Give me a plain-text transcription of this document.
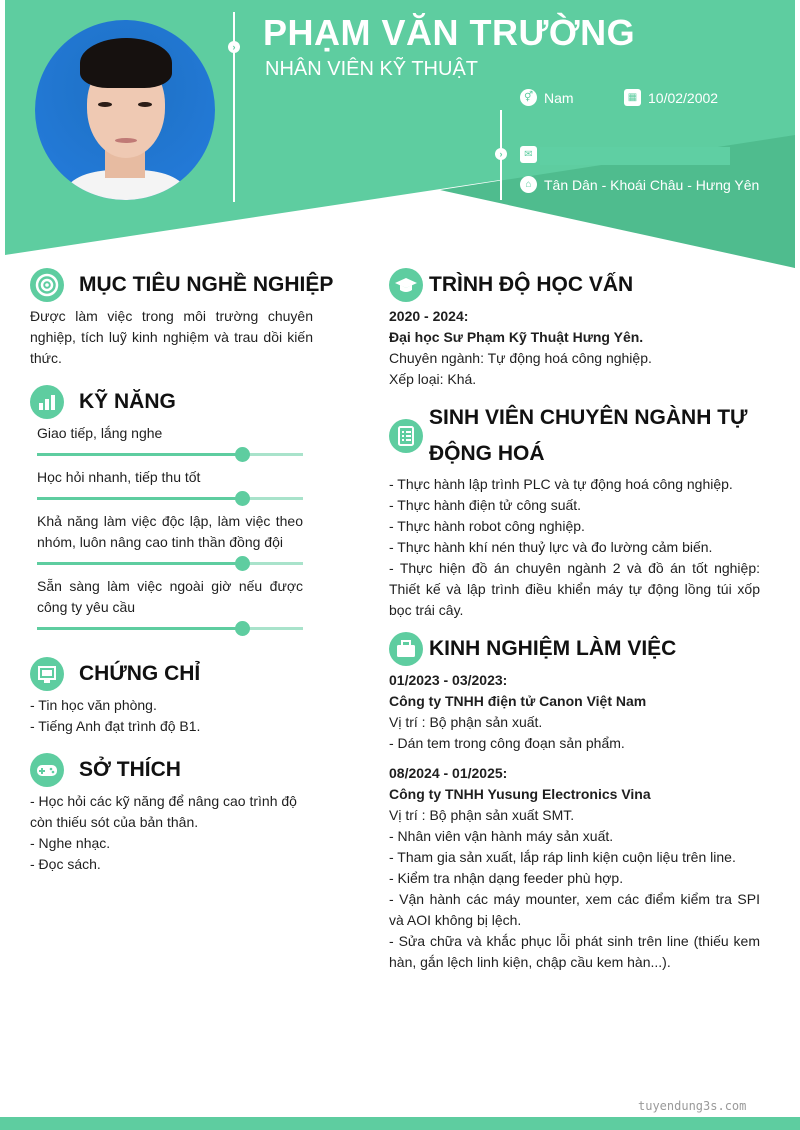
› PHẠM VĂN TRƯỜNG
NHÂN VIÊN KỸ THUẬT
›
⚥ Nam	▦ 10/02/2002
✉
⌂ Tân Dân - Khoái Châu - Hưng Yên
MỤC TIÊU NGHỀ NGHIỆP
Được làm việc trong môi trường chuyên nghiệp, tích luỹ kinh nghiệm và trau dồi kiến thức.
KỸ NĂNG
Giao tiếp, lắng nghe
Học hỏi nhanh, tiếp thu tốt
Khả năng làm việc độc lập, làm việc theo nhóm, luôn nâng cao tinh thần đồng đội
Sẵn sàng làm việc ngoài giờ nếu được công ty yêu cầu
CHỨNG CHỈ
- Tin học văn phòng.
- Tiếng Anh đạt trình độ B1.
SỞ THÍCH
- Học hỏi các kỹ năng để nâng cao trình độ còn thiếu sót của bản thân.
- Nghe nhạc.
- Đọc sách.
TRÌNH ĐỘ HỌC VẤN
2020 - 2024:
Đại học Sư Phạm Kỹ Thuật Hưng Yên.
Chuyên ngành: Tự động hoá công nghiệp.
Xếp loại: Khá.
SINH VIÊN CHUYÊN NGÀNH TỰ ĐỘNG HOÁ
- Thực hành lập trình PLC và tự động hoá công nghiệp.
- Thực hành điện tử công suất.
- Thực hành robot công nghiệp.
- Thực hành khí nén thuỷ lực và đo lường cảm biến.
- Thực hiện đồ án chuyên ngành 2 và đồ án tốt nghiệp: Thiết kế và lập trình điều khiển máy tự động lồng túi xốp bọc trái cây.
KINH NGHIỆM LÀM VIỆC
01/2023 - 03/2023:
Công ty TNHH điện tử Canon Việt Nam
Vị trí : Bộ phận sản xuất.
- Dán tem trong công đoạn sản phẩm.
08/2024 - 01/2025:
Công ty TNHH Yusung Electronics Vina
Vị trí : Bộ phận sản xuất SMT.
- Nhân viên vận hành máy sản xuất.
- Tham gia sản xuất, lắp ráp linh kiện cuộn liệu trên line.
- Kiểm tra nhận dạng feeder phù hợp.
- Vận hành các máy mounter, xem các điểm kiểm tra SPI và AOI không bị lệch.
- Sửa chữa và khắc phục lỗi phát sinh trên line (thiếu kem hàn, gắn lệch linh kiện, chập cầu kem hàn...).
tuyendung3s.com
